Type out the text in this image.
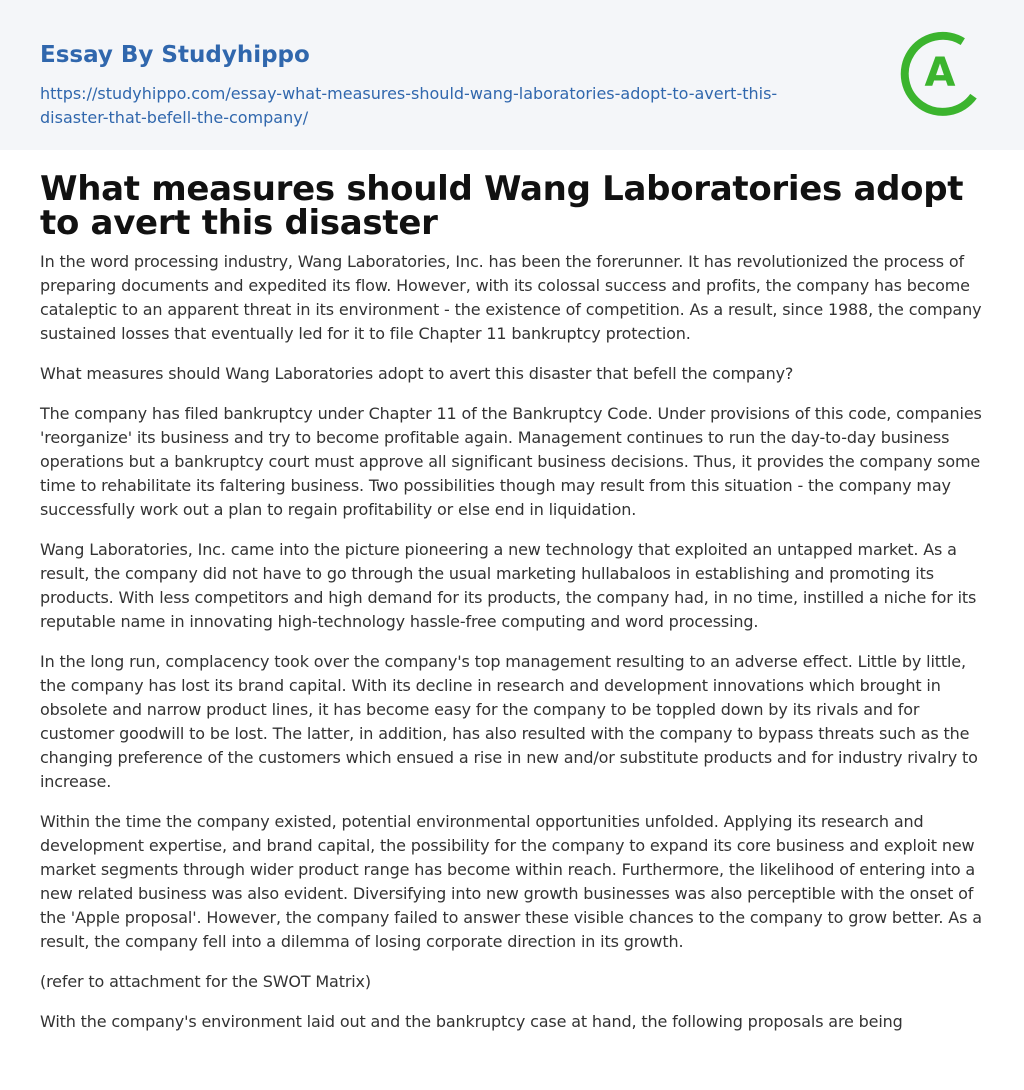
Essay By Studyhippo
https://studyhippo.com/essay-what-measures-should-wang-laboratories-adopt-to-avert-this-disaster-that-befell-the-company/
A
What measures should Wang Laboratories adopt to avert this disaster

In the word processing industry, Wang Laboratories, Inc. has been the forerunner. It has revolutionized the process of preparing documents and expedited its flow. However, with its colossal success and profits, the company has become cataleptic to an apparent threat in its environment - the existence of competition. As a result, since 1988, the company sustained losses that eventually led for it to file Chapter 11 bankruptcy protection.

What measures should Wang Laboratories adopt to avert this disaster that befell the company?

The company has filed bankruptcy under Chapter 11 of the Bankruptcy Code. Under provisions of this code, companies 'reorganize' its business and try to become profitable again. Management continues to run the day-to-day business operations but a bankruptcy court must approve all significant business decisions. Thus, it provides the company some time to rehabilitate its faltering business. Two possibilities though may result from this situation - the company may successfully work out a plan to regain profitability or else end in liquidation.

Wang Laboratories, Inc. came into the picture pioneering a new technology that exploited an untapped market. As a result, the company did not have to go through the usual marketing hullabaloos in establishing and promoting its products. With less competitors and high demand for its products, the company had, in no time, instilled a niche for its reputable name in innovating high-technology hassle-free computing and word processing.

In the long run, complacency took over the company's top management resulting to an adverse effect. Little by little, the company has lost its brand capital. With its decline in research and development innovations which brought in obsolete and narrow product lines, it has become easy for the company to be toppled down by its rivals and for customer goodwill to be lost. The latter, in addition, has also resulted with the company to bypass threats such as the changing preference of the customers which ensued a rise in new and/or substitute products and for industry rivalry to increase.

Within the time the company existed, potential environmental opportunities unfolded. Applying its research and development expertise, and brand capital, the possibility for the company to expand its core business and exploit new market segments through wider product range has become within reach. Furthermore, the likelihood of entering into a new related business was also evident. Diversifying into new growth businesses was also perceptible with the onset of the 'Apple proposal'. However, the company failed to answer these visible chances to the company to grow better. As a result, the company fell into a dilemma of losing corporate direction in its growth.

(refer to attachment for the SWOT Matrix)

With the company's environment laid out and the bankruptcy case at hand, the following proposals are being
